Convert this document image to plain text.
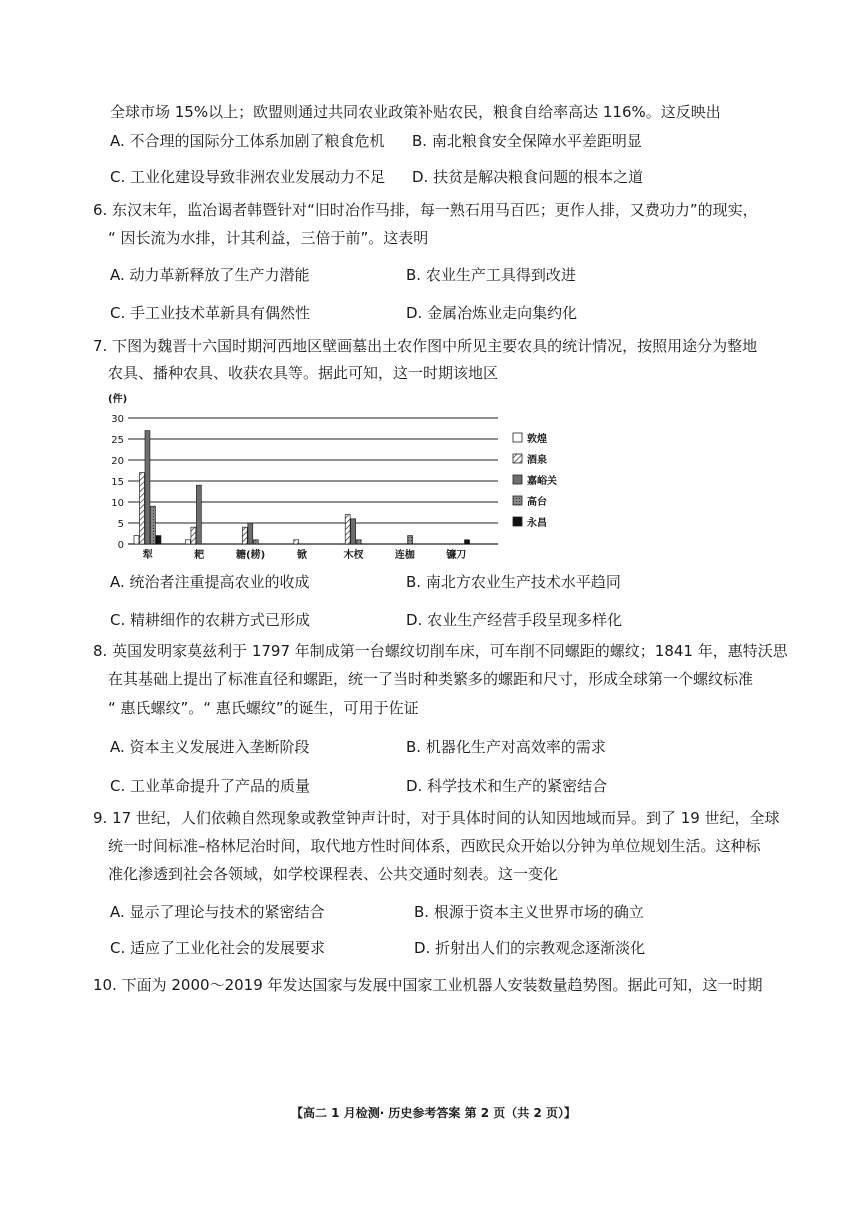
全球市场 15%以上；欧盟则通过共同农业政策补贴农民，粮食自给率高达 116%。这反映出
A. 不合理的国际分工体系加剧了粮食危机 B. 南北粮食安全保障水平差距明显
C. 工业化建设导致非洲农业发展动力不足 D. 扶贫是解决粮食问题的根本之道
6. 东汉末年，监冶谒者韩暨针对“旧时冶作马排，每一熟石用马百匹；更作人排，又费功力”的现实，
“ 因长流为水排，计其利益，三倍于前”。这表明
A. 动力革新释放了生产力潜能	B. 农业生产工具得到改进
C. 手工业技术革新具有偶然性	D. 金属冶炼业走向集约化
7. 下图为魏晋十六国时期河西地区壁画墓出土农作图中所见主要农具的统计情况，按照用途分为整地
农具、播种农具、收获农具等。据此可知，这一时期该地区
(件)
0
5
10
15
20
25
30
犁	耙	耱(耢)	锨	木杈	连枷	镰刀
敦煌
酒泉
嘉峪关
高台
永昌
A. 统治者注重提高农业的收成	B. 南北方农业生产技术水平趋同
C. 精耕细作的农耕方式已形成	D. 农业生产经营手段呈现多样化
8. 英国发明家莫兹利于 1797 年制成第一台螺纹切削车床，可车削不同螺距的螺纹；1841 年，惠特沃思
在其基础上提出了标准直径和螺距，统一了当时种类繁多的螺距和尺寸，形成全球第一个螺纹标准
“ 惠氏螺纹”。“ 惠氏螺纹”的诞生，可用于佐证
A. 资本主义发展进入垄断阶段	B. 机器化生产对高效率的需求
C. 工业革命提升了产品的质量	D. 科学技术和生产的紧密结合
9. 17 世纪，人们依赖自然现象或教堂钟声计时，对于具体时间的认知因地域而异。到了 19 世纪，全球
统一时间标准–格林尼治时间，取代地方性时间体系，西欧民众开始以分钟为单位规划生活。这种标
准化渗透到社会各领域，如学校课程表、公共交通时刻表。这一变化
A. 显示了理论与技术的紧密结合	B. 根源于资本主义世界市场的确立
C. 适应了工业化社会的发展要求	D. 折射出人们的宗教观念逐渐淡化
10. 下面为 2000～2019 年发达国家与发展中国家工业机器人安装数量趋势图。据此可知，这一时期
【高二 1 月检测· 历史参考答案 第 2 页（共 2 页）】
